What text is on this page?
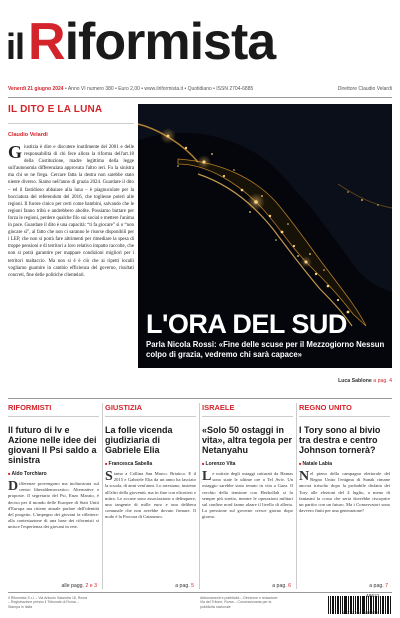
ilRiformista
Venerdì 21 giugno 2024 • Anno VI numero 380 • Euro 2,00 • www.ilriformista.it • Quotidiano • ISSN 2704-6885	Direttore Claudio Velardi
IL DITO E LA LUNA
Claudio Velardi
Giustizia è dire e discutere inutilmente del 2001 e delle responsabilità di chi fece allora la riforma dell'art.18 della Costituzione, madre legittima della legge sull'autonomia differenziata approvata l'altro ieri. Fu la sinistra ma chi se ne frega. Cercare fatta la destra non sarebbe stato niente diverso. Siamo nell'anno di grazia 2024. Guardare il dito – ed il fastidioso abbaiare alla luna – è piagnucolare per la bocciatura del referendum del 2016, che togliesse poteri alle regioni. Il furore cinico per certi come bambini, salvando che le regioni fanno tribù e andrebbero abolite. Possiamo buttare per forza le regioni, perdere qualche filo sui social e mettere l'anima in pace. Guardare il dito è una capacità: “ti fa giocare” sì o “non giocare sì”, al fatto che non ci saranno le risorse disponibili per i LEP, che non si potrà fare altrimenti per rimediare la spesa di troppe pensioni e di territori a loro relativo impatto raccolte, che non si potrà garantire per mappare condizioni migliori per i territori maltaccio. Ma non si è è ciò che ai ripetti localli vogliamo guarnire in cambio efficienza del governo, risultati concreti, fine delle politiche clientelari.
L'ORA DEL SUD
Parla Nicola Rossi: «Fine delle scuse per il Mezzogiorno Nessun colpo di grazia, vedremo chi sarà capace»
Luca Sablone a pag. 4
RIFORMISTI
Il futuro di Iv e Azione nelle idee dei giovani Il Psi saldo a sinistra
■ Aldo Torchiaro
Differenze provengono ma inchiostrata sul centro liberaldemocratico. Alternative e proposte. Il segretario del Psi, Enzo Maraio, è deciso per il mondo delle Europee di Stati Uniti d'Europa ma ritiene attuale parlare dell'identità del progetto. L'impegno dei giovani fa riflettere: alla contestazione di una base dei riformisti si unisce l'esperienza dei giovani in rete.
alle pagg. 2 e 3
GIUSTIZIA
La folle vicenda giudiziaria di Gabriele Elia
■ Francesca Sabella
Siamo a Collina San Marco. Briatico. E il 2015 e Gabriele Elia da un anno ha lasciato la scuola, di anni vent'anni. Lo arrestano, insieme all'altri della gioventù, ma in fine con elicotteri e mitra. Le accuse sono associazione a delinquere, una tangente di mille euro e una delibera comunale che non avrebbe dovuto firmare. Il nodo è la Procura di Catanzaro.
a pag. 5
ISRAELE
«Solo 50 ostaggi in vita», altra tegola per Netanyahu
■ Lorenzo Vita
Le notizie degli ostaggi catturati da Hamas sono state le ultime ore a Tel Aviv. Un ostaggio sarebbe stato tenuto in vita a Gaza. Il cerchio della tensione con Hezbollah si fa sempre più stretto, mentre le operazioni militari sul confine nord fanno alzare il livello di allerta. La pressione sul governo cresce giorno dopo giorno.
a pag. 6
REGNO UNITO
I Tory sono al bivio tra destra e centro Johnson tornerà?
■ Natale Labia
Nel pieno della campagna elettorale del Regno Unito l'enigma di Sunak rimane ancora irrisolto dopo la probabile disfatta dei Tory alle elezioni del 4 luglio, a meno di fantasmi la corsa che seria dovrebbe riscoprire un partito con un futuro. Ma i Conservatori sono davvero finiti per una generazione?
a pag. 7
Il Riformista S.r.l. – Via Antonio Salandra 18, Roma – Registrazione presso il Tribunale di Roma – Stampa in Italia
Abbonamenti e pubblicità – Direzione e redazione: Via del Tritone, Roma – Concessionaria per la pubblicità nazionale
9 772704 688002
40621
